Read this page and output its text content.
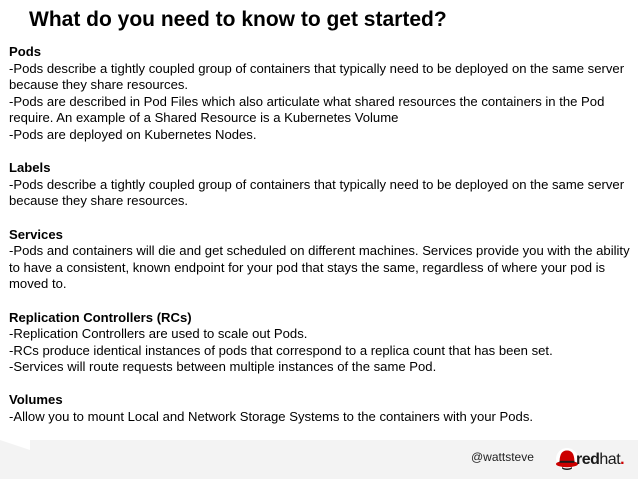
What do you need to know to get started?
Pods
-Pods describe a tightly coupled group of containers that typically need to be deployed on the same server because they share resources.
-Pods are described in Pod Files which also articulate what shared resources the containers in the Pod require. An example of a Shared Resource is a Kubernetes Volume
-Pods are deployed on Kubernetes Nodes.
Labels
-Pods describe a tightly coupled group of containers that typically need to be deployed on the same server because they share resources.
Services
-Pods and containers will die and get scheduled on different machines. Services provide you with the ability to have a consistent, known endpoint for your pod that stays the same, regardless of where your pod is moved to.
Replication Controllers (RCs)
-Replication Controllers are used to scale out Pods.
-RCs produce identical instances of pods that correspond to a replica count that has been set.
-Services will route requests between multiple instances of the same Pod.
Volumes
-Allow you to mount Local and Network Storage Systems to the containers with your Pods.
@wattsteve	redhat.
